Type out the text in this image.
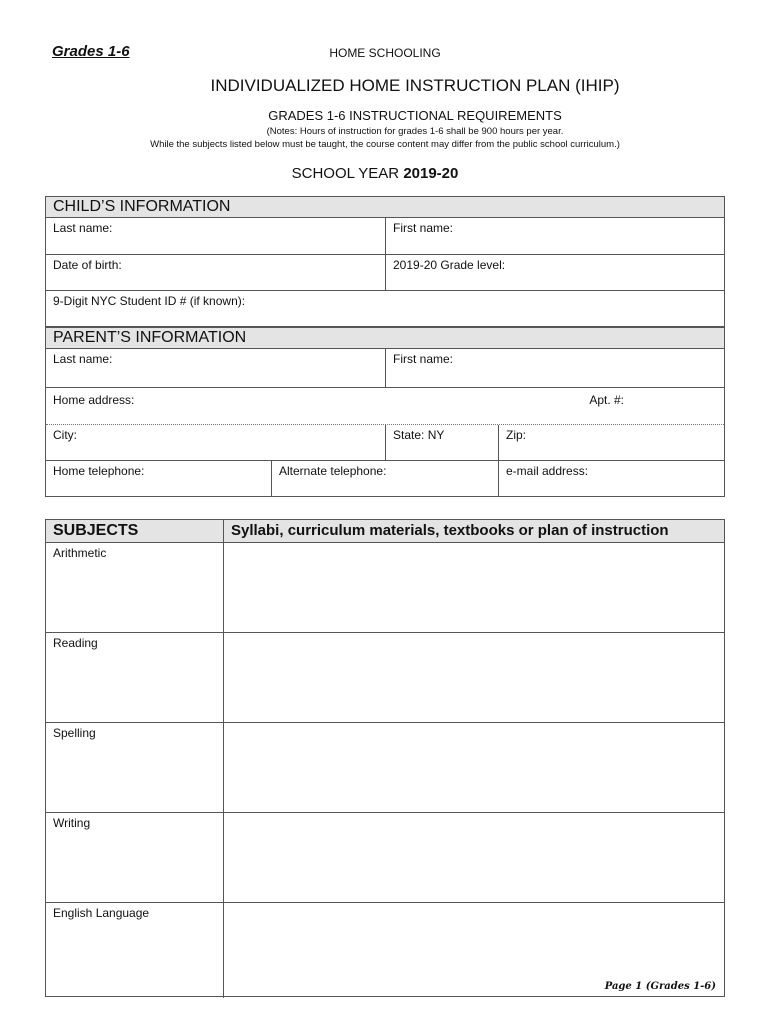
Grades 1-6	HOME SCHOOLING
INDIVIDUALIZED HOME INSTRUCTION PLAN (IHIP)
GRADES 1-6 INSTRUCTIONAL REQUIREMENTS
(Notes: Hours of instruction for grades 1-6 shall be 900 hours per year.
While the subjects listed below must be taught, the course content may differ from the public school curriculum.)
SCHOOL YEAR 2019-20
CHILD’S INFORMATION
Last name:	First name:
Date of birth:	2019-20 Grade level:
9-Digit NYC Student ID # (if known):
PARENT’S INFORMATION
Last name:	First name:
Home address:	Apt. #:
City:	State: NY	Zip:
Home telephone:	Alternate telephone:	e-mail address:
SUBJECTS	Syllabi, curriculum materials, textbooks or plan of instruction
Arithmetic
Reading
Spelling
Writing
English Language
Page 1 (Grades 1-6)
